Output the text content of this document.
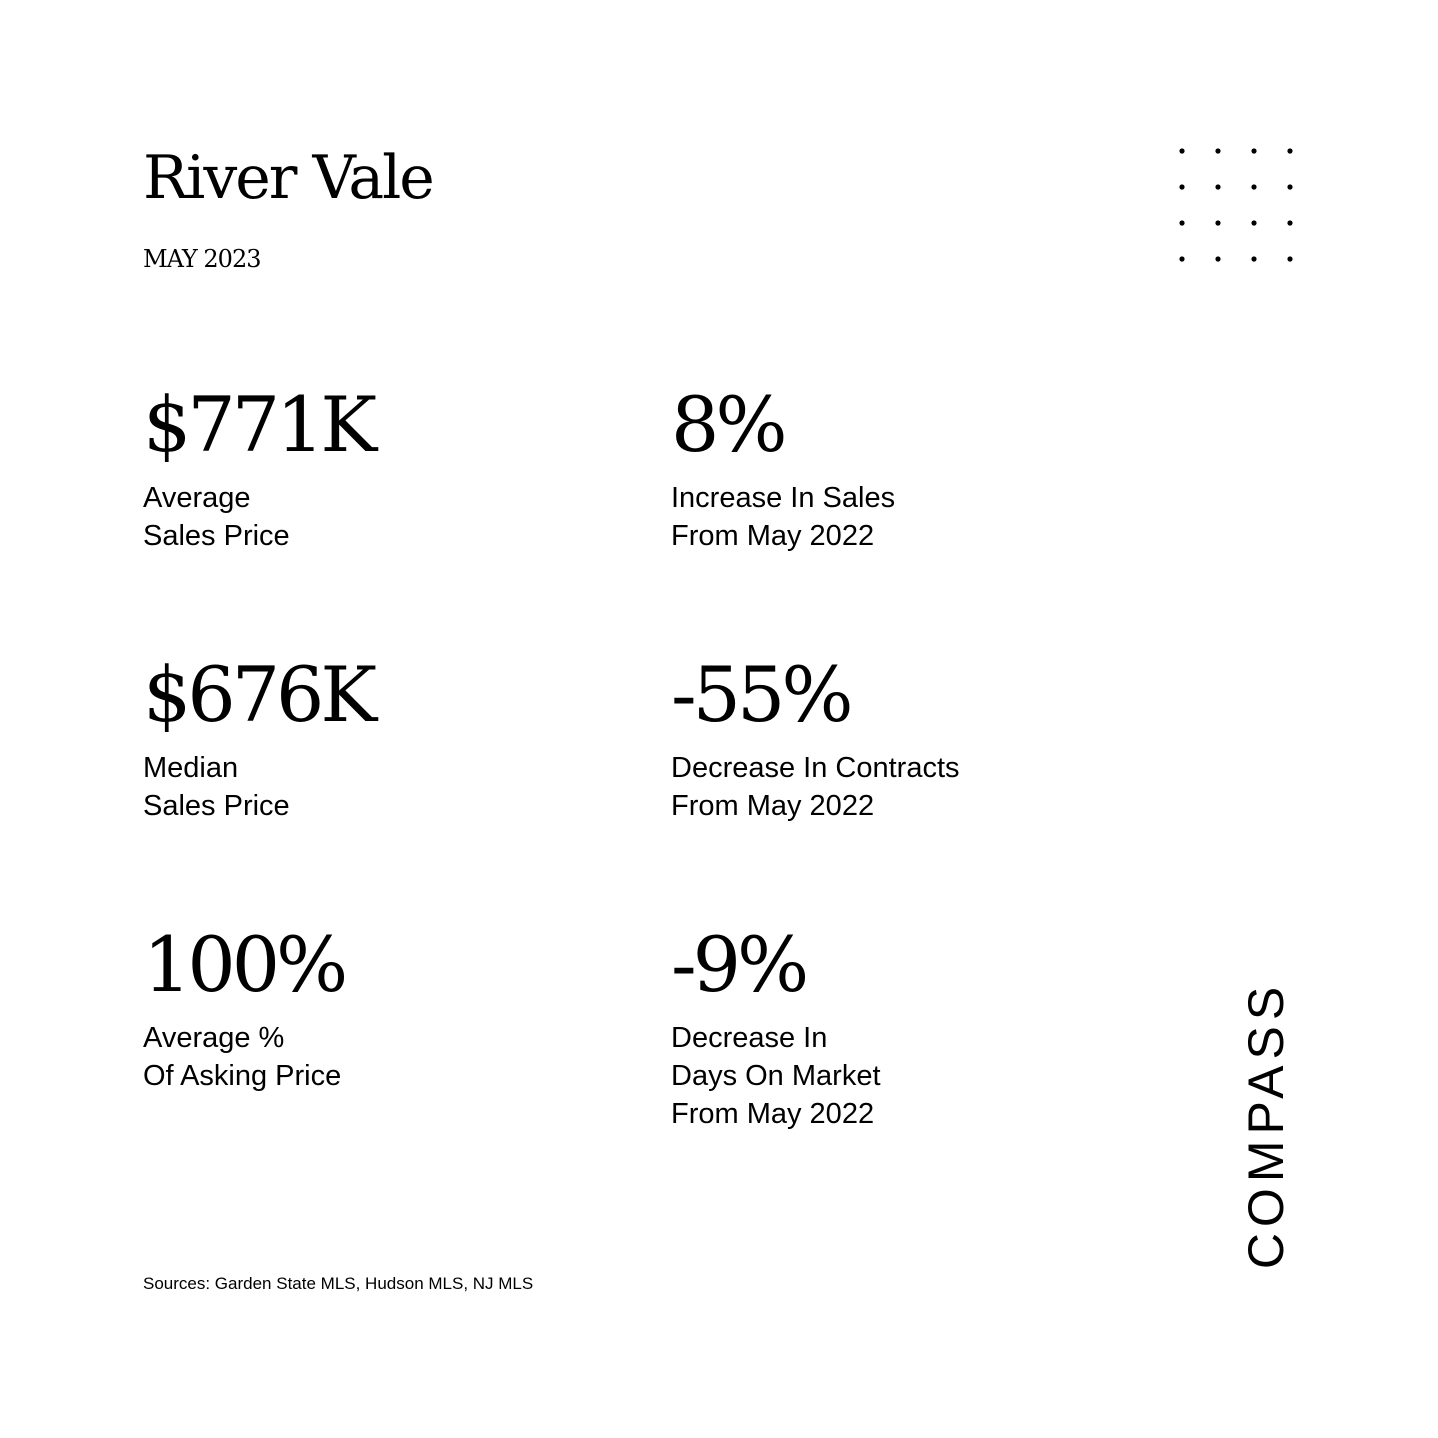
River Vale
MAY 2023
$771K
Average
Sales Price
8%
Increase In Sales
From May 2022
$676K
Median
Sales Price
-55%
Decrease In Contracts
From May 2022
100%
Average %
Of Asking Price
-9%
Decrease In
Days On Market
From May 2022
Sources: Garden State MLS, Hudson MLS, NJ MLS
COMPASS
